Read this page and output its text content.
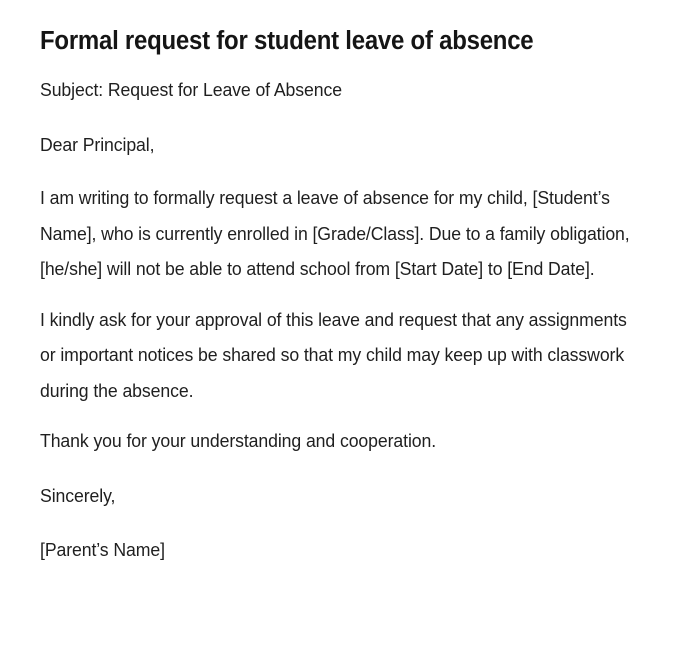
Formal request for student leave of absence

Subject: Request for Leave of Absence

Dear Principal,

I am writing to formally request a leave of absence for my child, [Student’s Name], who is currently enrolled in [Grade/Class]. Due to a family obligation, [he/she] will not be able to attend school from [Start Date] to [End Date].

I kindly ask for your approval of this leave and request that any assignments or important notices be shared so that my child may keep up with classwork during the absence.

Thank you for your understanding and cooperation.

Sincerely,

[Parent’s Name]
